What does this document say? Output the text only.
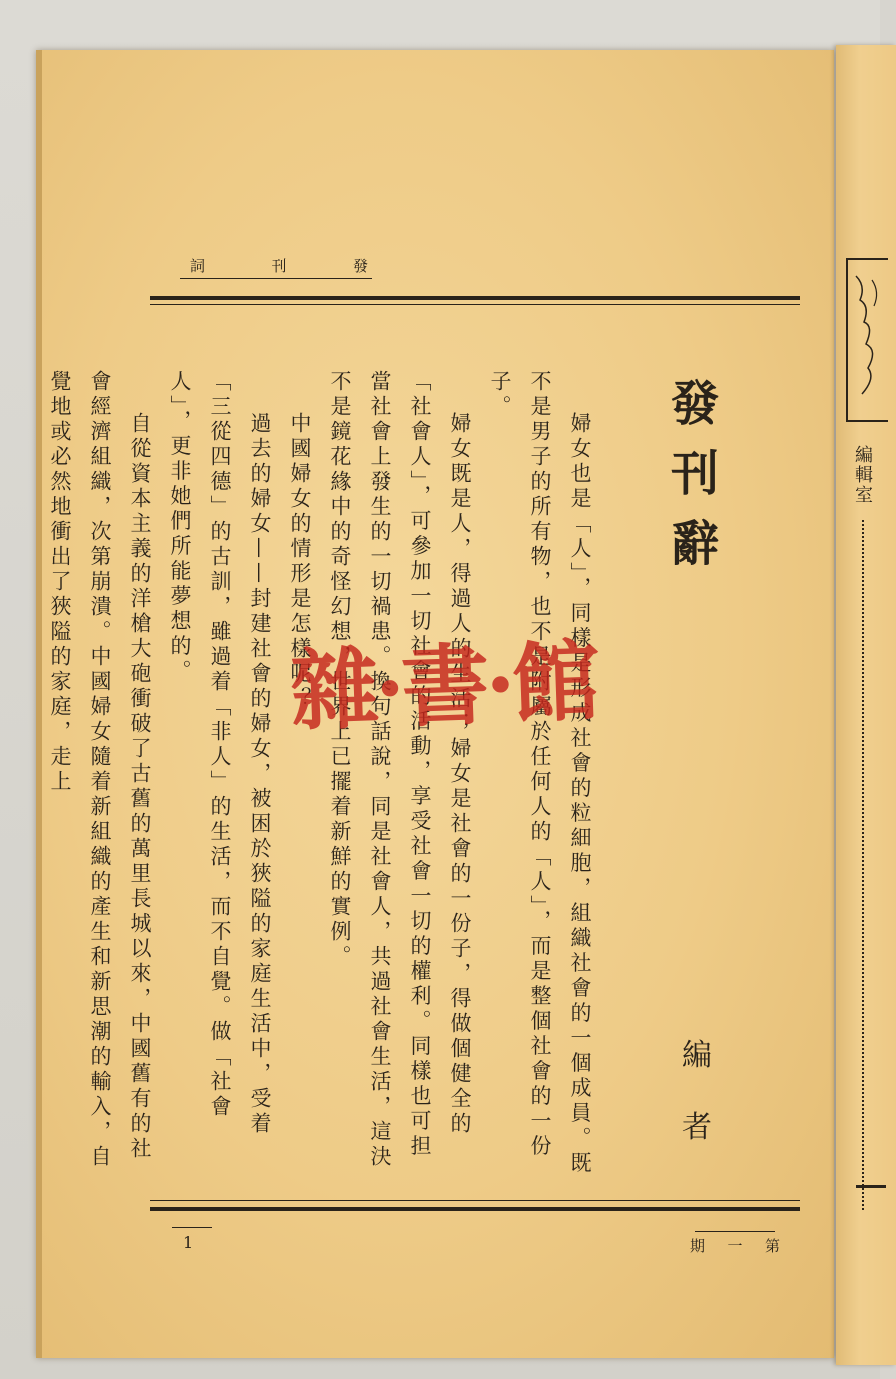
詞	刊	發
發
刊
辭
編
者

婦女也是「人」，同樣是形成社會的粒細胞，組織社會的一個成員。既不是男子的所有物，也不是附屬於任何人的「人」，而是整個社會的一份子。

婦女既是人，得過人的生活；婦女是社會的一份子，得做個健全的「社會人」，可參加一切社會的活動，享受社會一切的權利。同樣也可担當社會上發生的一切禍患。換句話說，同是社會人，共過社會生活，這決不是鏡花緣中的奇怪幻想，世界上已擺着新鮮的實例。

中國婦女的情形是怎樣呢？

過去的婦女——封建社會的婦女，被困於狹隘的家庭生活中，受着「三從四德」的古訓，雖過着「非人」的生活，而不自覺。做「社會人」，更非她們所能夢想的。

自從資本主義的洋槍大砲衝破了古舊的萬里長城以來，中國舊有的社會經濟組織，次第崩潰。中國婦女隨着新組織的產生和新思潮的輸入，自覺地或必然地衝出了狹隘的家庭，走上	雜·書·館
1	期 一 第
編輯室
